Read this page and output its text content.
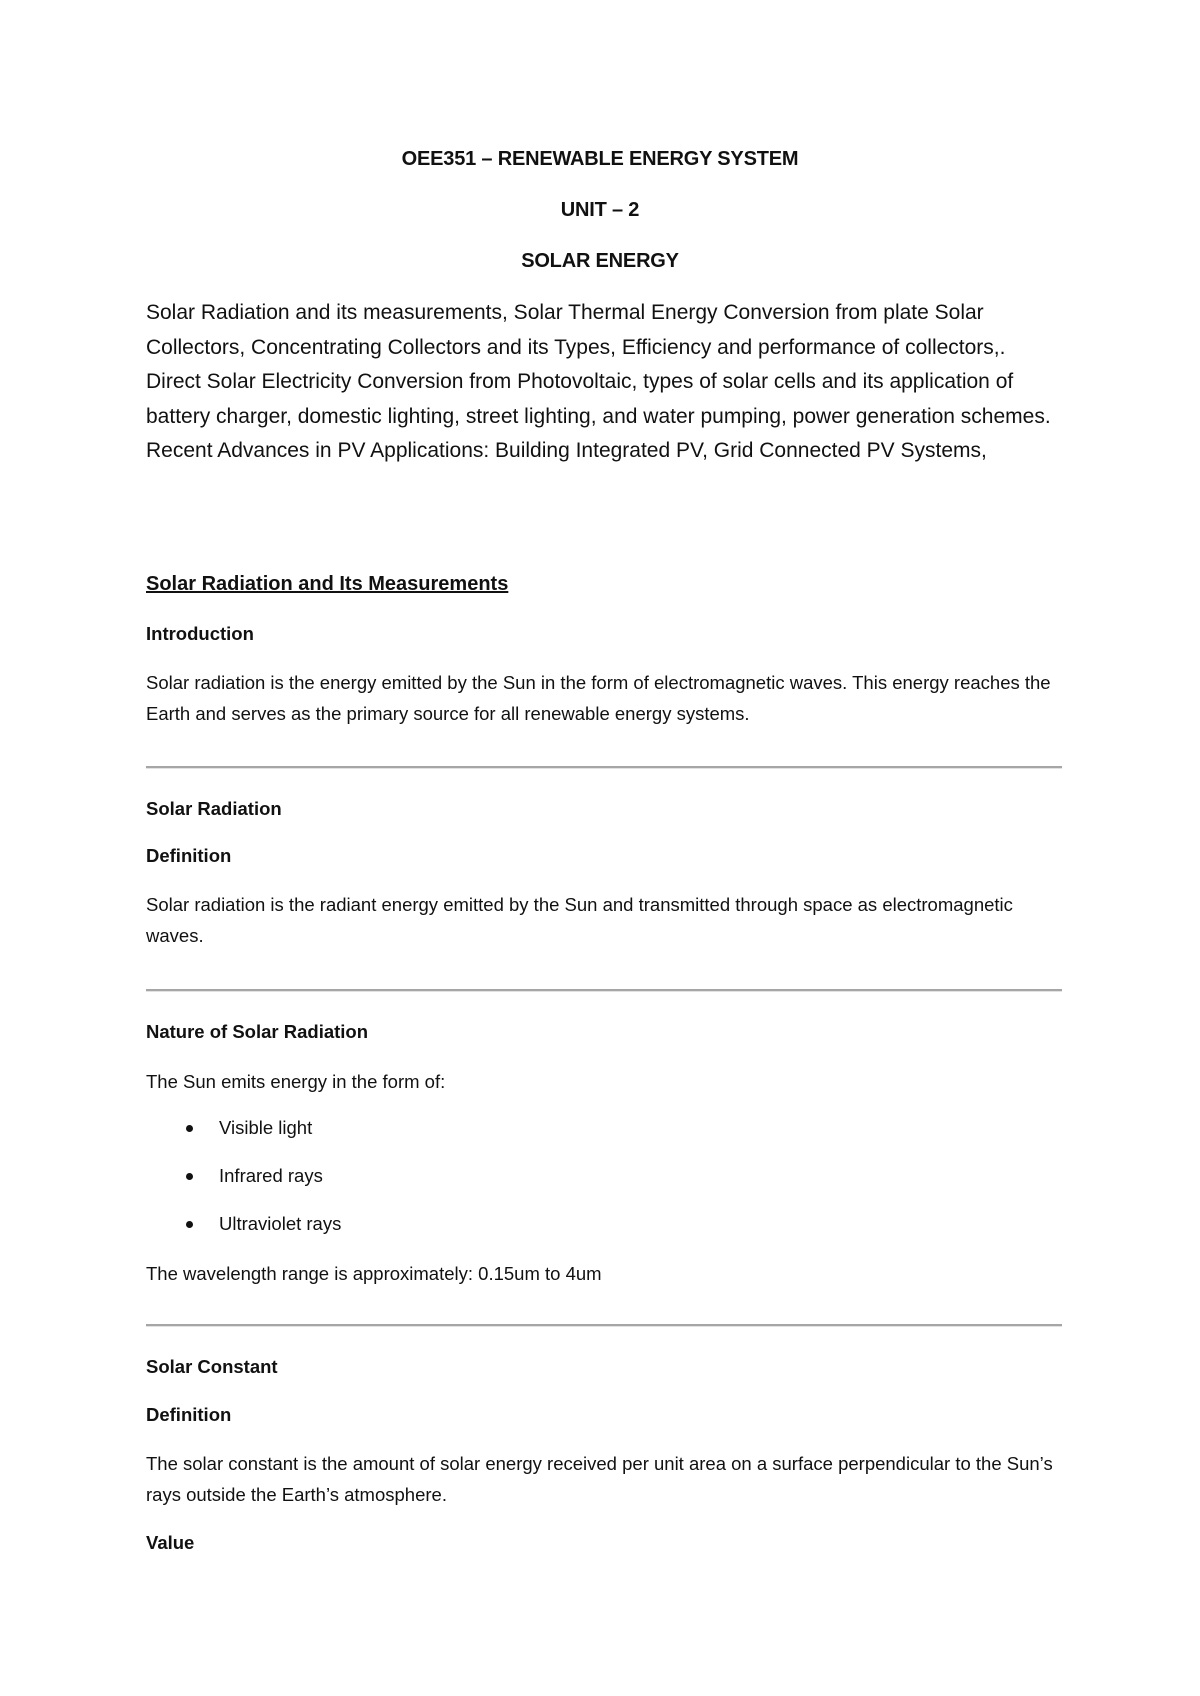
OEE351 – RENEWABLE ENERGY SYSTEM
UNIT – 2
SOLAR ENERGY

Solar Radiation and its measurements, Solar Thermal Energy Conversion from plate Solar Collectors, Concentrating Collectors and its Types, Efficiency and performance of collectors,. Direct Solar Electricity Conversion from Photovoltaic, types of solar cells and its application of battery charger, domestic lighting, street lighting, and water pumping, power generation schemes. Recent Advances in PV Applications: Building Integrated PV, Grid Connected PV Systems,

Solar Radiation and Its Measurements

Introduction

Solar radiation is the energy emitted by the Sun in the form of electromagnetic waves. This energy reaches the Earth and serves as the primary source for all renewable energy systems.

Solar Radiation

Definition

Solar radiation is the radiant energy emitted by the Sun and transmitted through space as electromagnetic waves.

Nature of Solar Radiation

The Sun emits energy in the form of:

Visible light
Infrared rays
Ultraviolet rays

The wavelength range is approximately: 0.15um to 4um

Solar Constant

Definition

The solar constant is the amount of solar energy received per unit area on a surface perpendicular to the Sun’s rays outside the Earth’s atmosphere.

Value
